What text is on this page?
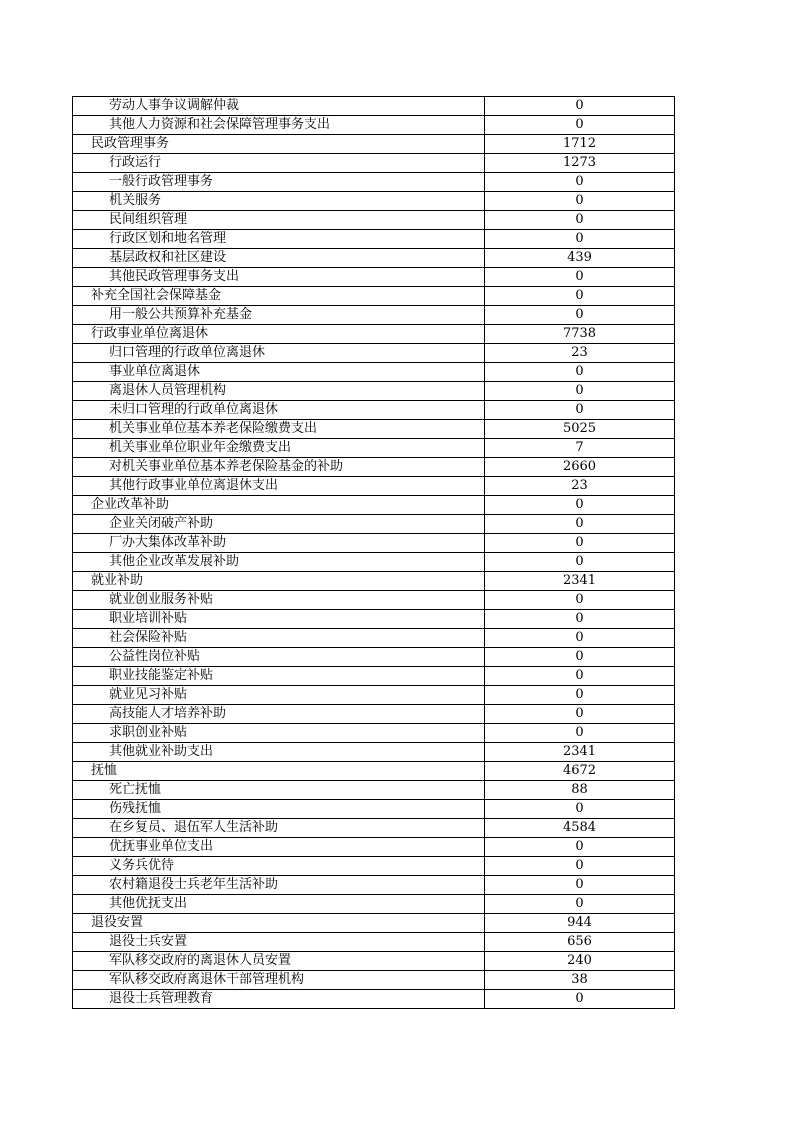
劳动人事争议调解仲裁	0
其他人力资源和社会保障管理事务支出	0
民政管理事务	1712
行政运行	1273
一般行政管理事务	0
机关服务	0
民间组织管理	0
行政区划和地名管理	0
基层政权和社区建设	439
其他民政管理事务支出	0
补充全国社会保障基金	0
用一般公共预算补充基金	0
行政事业单位离退休	7738
归口管理的行政单位离退休	23
事业单位离退休	0
离退休人员管理机构	0
未归口管理的行政单位离退休	0
机关事业单位基本养老保险缴费支出	5025
机关事业单位职业年金缴费支出	7
对机关事业单位基本养老保险基金的补助	2660
其他行政事业单位离退休支出	23
企业改革补助	0
企业关闭破产补助	0
厂办大集体改革补助	0
其他企业改革发展补助	0
就业补助	2341
就业创业服务补贴	0
职业培训补贴	0
社会保险补贴	0
公益性岗位补贴	0
职业技能鉴定补贴	0
就业见习补贴	0
高技能人才培养补助	0
求职创业补贴	0
其他就业补助支出	2341
抚恤	4672
死亡抚恤	88
伤残抚恤	0
在乡复员、退伍军人生活补助	4584
优抚事业单位支出	0
义务兵优待	0
农村籍退役士兵老年生活补助	0
其他优抚支出	0
退役安置	944
退役士兵安置	656
军队移交政府的离退休人员安置	240
军队移交政府离退休干部管理机构	38
退役士兵管理教育	0
